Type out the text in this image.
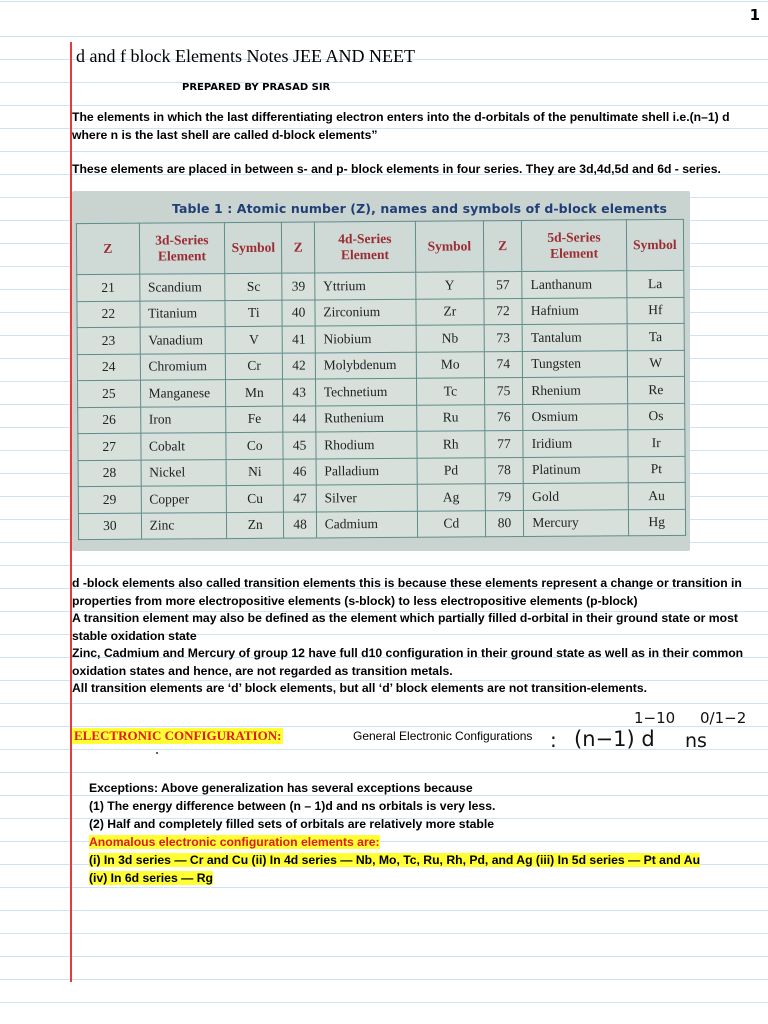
1
d and f block Elements Notes JEE AND NEET
PREPARED BY PRASAD SIR
The elements in which the last differentiating electron enters into the d-orbitals of the penultimate shell i.e.(n–1) d where n is the last shell are called d-block elements”
These elements are placed in between s- and p- block elements in four series. They are 3d,4d,5d and 6d - series.
Table 1 : Atomic number (Z), names and symbols of d-block elements
Z	3d-Series Element	Symbol	Z	4d-Series Element	Symbol	Z	5d-Series Element	Symbol
21	Scandium	Sc	39	Yttrium	Y	57	Lanthanum	La
22	Titanium	Ti	40	Zirconium	Zr	72	Hafnium	Hf
23	Vanadium	V	41	Niobium	Nb	73	Tantalum	Ta
24	Chromium	Cr	42	Molybdenum	Mo	74	Tungsten	W
25	Manganese	Mn	43	Technetium	Tc	75	Rhenium	Re
26	Iron	Fe	44	Ruthenium	Ru	76	Osmium	Os
27	Cobalt	Co	45	Rhodium	Rh	77	Iridium	Ir
28	Nickel	Ni	46	Palladium	Pd	78	Platinum	Pt
29	Copper	Cu	47	Silver	Ag	79	Gold	Au
30	Zinc	Zn	48	Cadmium	Cd	80	Mercury	Hg
d -block elements also called transition elements this is because these elements represent a change or transition in properties from more electropositive elements (s-block) to less electropositive elements (p-block)
A transition element may also be defined as the element which partially filled d-orbital in their ground state or most stable oxidation state
Zinc, Cadmium and Mercury of group 12 have full d10 configuration in their ground state as well as in their common oxidation states and hence, are not regarded as transition metals.
All transition elements are ‘d’ block elements, but all ‘d’ block elements are not transition-elements.
ELECTRONIC CONFIGURATION:	General Electronic Configurations : (n−1) d
1−10
ns
0/1−2
Exceptions: Above generalization has several exceptions because
(1) The energy difference between (n – 1)d and ns orbitals is very less.
(2) Half and completely filled sets of orbitals are relatively more stable
Anomalous electronic configuration elements are:
(i) In 3d series — Cr and Cu (ii) In 4d series — Nb, Mo, Tc, Ru, Rh, Pd, and Ag (iii) In 5d series — Pt and Au
(iv) In 6d series — Rg
